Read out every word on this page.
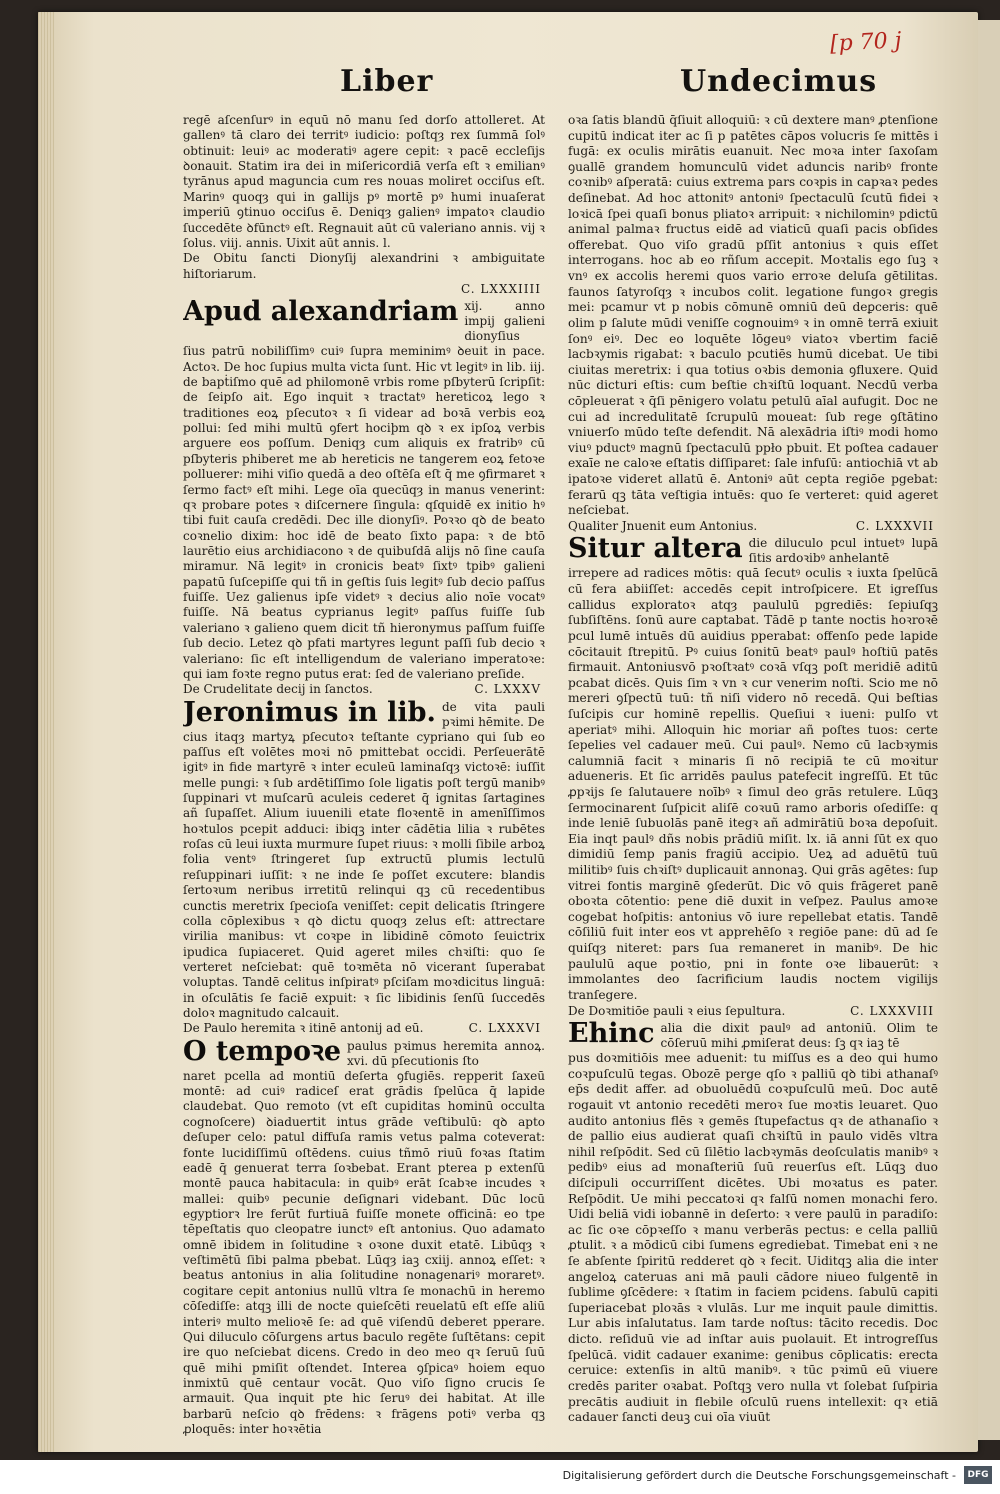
[p 70 j
Liber	Undecimus

regē aſcenſurꝰ in equū nō manu ſed dorſo attolleret. At gallenꝰ tā claro dei territꝰ iudicio: poſtqȝ rex ſummā ſolꝰ obtinuit: leuiꝰ ac moderatiꝰ agere cepit: ꝛ pacē eccleſijs ꝺonauit. Statim ira dei in miſericordiā verſa eſt ꝛ emilianꝰ tyrānus apud maguncia cum res nouas moliret occiſus eſt. Marinꝰ quoqȝ qui in gallijs pꝰ mortē pꝰ humi inuaſerat imperiū ꝯtinuo occiſus ē. Deniqȝ galienꝰ impatoꝛ claudio ſuccedēte ꝺfūnctꝰ eſt. Regnauit aūt cū valeriano annis. vij ꝛ ſolus. viij. annis. Uixit aūt annis. l.

De Obitu ſancti Dionyſij alexandrini ꝛ ambiguitate hiſtoriarum.
C. LXXXIIII
Apud alexandriam xij. anno impij galieni dionyſius

ſius patrū nobiliſſimꝰ cuiꝰ ſupra meminimꝰ ꝺeuit in pace. Actoꝛ. De hoc ſupius multa victa ſunt. Hic vt legitꝰ in lib. iij. de bapṫiſmo quē ad philomonē vrbis rome pſbyterū ſcripſit: de ſeipſo ait. Ego inquit ꝛ tractatꝰ hereticoꝝ lego ꝛ traditiones eoꝝ pſecutoꝛ ꝛ ſi videar ad boꝛā verbis eoꝝ pollui: ſed mihi multū ꝯfert hociþm qꝺ ꝛ ex ipſoꝝ verbis arguere eos poſſum. Deniqȝ cum aliquis ex fratribꝰ cū pſbyteris phiberet me ab hereticis ne tangerem eoꝝ fetoꝛe polluerer: mihi viſio quedā a deo oſtēſa eſt q̄ me ꝯfirmaret ꝛ ſermo factꝰ eſt mihi. Lege oīa quecūqȝ in manus venerint: qꝛ probare potes ꝛ diſcernere ſingula: qſquidē ex initio hꝰ tibi fuit cauſa credēdi. Dec ille dionyſiꝰ. Poꝛꝛo qꝺ de beato coꝛnelio dixim: hoc idē de beato ſixto papa: ꝛ de btō laurētio eius archidiacono ꝛ de quibuſdā alijs nō ſine cauſa miramur. Nā legitꝰ in cronicis beatꝰ ſixtꝰ tpibꝰ galieni papatū ſuſcepiſſe qui tñ in geſtis ſuis legitꝰ ſub decio paſſus fuiſſe. Uez galienus ipſe videtꝰ ꝛ decius alio noīe vocatꝰ fuiſſe. Nā beatus cyprianus legitꝰ paſſus fuiſſe ſub valeriano ꝛ galieno quem dicit tñ hieronymus paſſum fuiſſe ſub decio. Letez qꝺ pfati martyres legunt paſſi ſub decio ꝛ valeriano: ſic eſt intelligendum de valeriano imperatoꝛe: qui iam foꝛte regno putus erat: ſed de valeriano preſide.

De Crudelitate decij in ſanctos.	C. LXXXV
Jeronimus in lib. de vita pauli pꝛimi hēmite. De

cius itaqȝ martyꝝ pſecutoꝛ teſtante cypriano qui ſub eo paſſus eſt volētes moꝛi nō pmittebat occidi. Perſeuerātē igitꝰ in fide martyrē ꝛ inter eculeū laminaſqȝ victoꝛē: iuſſit melle pungi: ꝛ ſub ardētiſſimo ſole ligatis poſt tergū manibꝰ ſuppinari vt muſcarū aculeis cederet q̄ ignitas ſartagines añ ſupaſſet. Alium iuuenili etate floꝛentē in amenīſſimos hoꝛtulos pcepit adduci: ibiqꝫ inter cādētia lilia ꝛ rubētes roſas cū leui iuxta murmure ſupet riuus: ꝛ molli ſibile arboꝝ folia ventꝰ ſtringeret ſup extructū plumis lectulū reſuppinari iuſſit: ꝛ ne inde ſe poſſet excutere: blandis ſertoꝛum neribus irretitū relinqui qꝫ cū recedentibus cunctis meretrix ſpecioſa veniſſet: cepit delicatis ſtringere colla cōplexibus ꝛ qꝺ dictu quoqȝ zelus eſt: attrectare virilia manibus: vt coꝛpe in libidinē cōmoto ſeuictrix ipudica ſupiaceret. Quid ageret miles chꝛiſti: quo ſe verteret neſciebat: quē toꝛmēta nō vicerant ſuperabat voluptas. Tandē celitus inſpiratꝰ pſciſam moꝛdicitus linguā: in oſculātis ſe faciē expuit: ꝛ ſic libidinis ſenſū ſuccedēs doloꝛ magnitudo calcauit.

De Paulo heremita ꝛ itinē antonij ad eū.	C. LXXXVI
O tempoꝛe paulus pꝛimus heremita annoꝝ. xvi. dū pſecutionis ſto

naret pcella ad montiū deſerta ꝯfugiēs. repperit ſaxeū montē: ad cuiꝰ radiceſ erat grādis ſpelūca q̄ lapide claudebat. Quo remoto (vt eſt cupiditas hominū occulta cognoſcere) ꝺiaduertit intus grāde veſtibulū: qꝺ apto deſuper celo: patul diffuſa ramis vetus palma coteverat: fonte lucidiſſimū oſtēdens. cuius tñmō riuū foꝛas ſtatim eadē q̄ genuerat terra ſoꝛbebat. Erant pterea p extenſū montē pauca habitacula: in quibꝰ erāt ſcabꝛe incudes ꝛ mallei: quibꝰ pecunie deſignari videbant. Dūc locū egyptiorꝛ lre ferūt furtiuā fuiſſe monete officinā: eo tpe tēpeſtatis quo cleopatre iunctꝰ eſt antonius. Quo adamato omnē ibidem in ſolitudine ꝛ oꝛone duxit etatē. Libūqȝ ꝛ veſtimētū ſibi palma pbebat. Lūqȝ iaꝫ cxiij. annoꝝ eſſet: ꝛ beatus antonius in alia ſolitudine nonagenariꝰ moraretꝰ. cogitare cepit antonius nullū vltra ſe monachū in heremo cōſediſſe: atqꝫ illi de nocte quieſcēti reuelatū eſt eſſe aliū interiꝰ multo melioꝛē ſe: ad quē viſendū deberet pperare. Qui diluculo cōſurgens artus baculo regēte ſuſtētans: cepit ire quo neſciebat dicens. Credo in deo meo qꝛ ſeruū ſuū quē mihi pmiſit oſtendet. Interea ꝯſpicaꝰ hoiem equo inmixtū quē centaur vocāt. Quo viſo ſigno crucis ſe armauit. Qua inquit pte hic ſeruꝰ dei habitat. At ille barbarū neſcio qꝺ frēdens: ꝛ frāgens potiꝰ verba qꝫ ꝓloquēs: inter hoꝛꝛētia

oꝛa ſatis blandū q̄ſiuit alloquiū: ꝛ cū dextere manꝰ ꝓtenſione cupitū indicat iter ac ſi p patētes cāpos volucris ſe mittēs i fugā: ex oculis mirātis euanuit. Nec moꝛa inter ſaxoſam ꝯuallē grandem homunculū videt aduncis naribꝰ fronte coꝛnibꝰ aſperatā: cuius extrema pars coꝛpis in capꝛaꝛ pedes deſinebat. Ad hoc attonitꝰ antoniꝰ ſpectaculū ſcutū fidei ꝛ loꝛicā ſpei quaſi bonus pliatoꝛ arripuit: ꝛ nichilominꝰ pdictū animal palmaꝛ fructus eidē ad viaticū quaſi pacis obſides offerebat. Quo viſo gradū pſſit antonius ꝛ quis eſſet interrogans. hoc ab eo rñſum accepit. Moꝛtalis ego ſuꝫ ꝛ vnꝰ ex accolis heremi quos vario erroꝛe deluſa gētilitas. faunos ſatyroſqȝ ꝛ incubos colit. legatione fungoꝛ gregis mei: pcamur vt p nobis cōmunē omniū deū deꝑceris: quē olim p ſalute mūdi veniſſe cognouimꝰ ꝛ in omnē terrā exiuit ſonꝰ eiꝰ. Dec eo loquēte lōgeuꝰ viatoꝛ vbertim faciē lacbꝛymis rigabat: ꝛ baculo pcutiēs humū dicebat. Ue tibi ciuitas meretrix: i qua totius oꝛbis demonia ꝯfluxere. Quid nūc dicturi eſtis: cum beſtie chꝛiſtū loquant. Necdū verba cōpleuerat ꝛ q̄ſi pēnigero volatu petulū aīal aufugit. Doc ne cui ad incredulitatē ſcrupulū moueat: ſub rege ꝯſtātino vniuerſo mūdo teſte defendit. Nā alexādria iſtiꝰ modi homo viuꝰ pductꝰ magnū ſpectaculū ppło pbuit. Et poſtea cadauer exaīe ne caloꝛe eſtatis diſſiparet: ſale infuſū: antiochiā vt ab ipatoꝛe videret allatū ē. Antoniꝰ aūt cepta regiōe pgebat: ferarū qꝫ tāta veſtigia intuēs: quo ſe verteret: quid ageret neſciebat.

Qualiter Jnuenit eum Antonius.	C. LXXXVII
Situr altera die diluculo pcul intuetꝰ lupā ſitis ardoꝛibꝰ anhelantē

irrepere ad radices mōtis: quā ſecutꝰ oculis ꝛ iuxta ſpelūcā cū fera abiiſſet: accedēs cepit introſpicere. Et igreſſus callidus exploratoꝛ atqȝ paululū pgrediēs: ſepiuſqꝫ ſubſiſtēns. ſonū aure captabat. Tādē p tante noctis hoꝛroꝛē pcul lumē intuēs dū auidius pperabat: offenſo pede lapide cōcitauit ſtrepitū. Pꝰ cuius ſonitū beatꝰ paulꝰ hoſtiū patēs firmauit. Antoniusvō pꝛoſtꝛatꝰ coꝛā vſqꝫ poſt meridiē aditū pcabat dicēs. Quis ſim ꝛ vn ꝛ cur venerim noſti. Scio me nō mereri ꝯſpectū tuū: tñ niſi videro nō recedā. Qui beſtias ſuſcipis cur hominē repellis. Queſiui ꝛ iueni: pulſo vt aperiatꝰ mihi. Alloquin hic moriar añ poſtes tuos: certe ſepelies vel cadauer meū. Cui paulꝰ. Nemo cū lacbꝛymis calumniā facit ꝛ minaris ſi nō recipiā te cū moꝛitur adueneris. Et ſic arridēs paulus patefecit ingreſſū. Et tūc ꝓpꝛijs ſe ſalutauere noībꝰ ꝛ ſimul deo grās retulere. Lūqꝫ ſermocinarent ſuſpicit aliſē coꝛuū ramo arboris oſediſſe: q inde leniē ſubuolās panē itegꝛ añ admirātiū boꝛa depoſuit. Eia inqt paulꝰ dñs nobis prādiū miſit. lx. iā anni ſūt ex quo dimidiū ſemp panis fragiū accipio. Ueꝝ ad aduētū tuū militibꝰ ſuis chꝛiſtꝰ duplicauit annonaꝫ. Qui grās agētes: ſup vitrei fontis marginē ꝯſederūt. Dic vō quis frāgeret panē oboꝛta cōtentio: pene diē duxit in veſpez. Paulus amoꝛe cogebat hoſpitis: antonius vō iure repellebat etatis. Tandē cōſiliū fuit inter eos vt apprehēſo ꝛ regiōe pane: dū ad ſe quiſqȝ niteret: pars ſua remaneret in manibꝰ. De hic paululū aque poꝛtio, pni in fonte oꝛe libauerūt: ꝛ immolantes deo ſacrificium laudis noctem vigilijs tranſegere.

De Doꝛmitiōe pauli ꝛ eius ſepultura.	C. LXXXVIII
Ehinc alia die dixit paulꝰ ad antoniū. Olim te cōſeruū mihi ꝓmiſerat deus: ſꝫ qꝛ iaꝫ tē

pus doꝛmitiōis mee aduenit: tu miſſus es a deo qui humo coꝛpuſculū tegas. Obozē perge qſo ꝛ palliū qꝺ tibi athanaſꝰ ep̄s dedit affer. ad obuoluēdū coꝛpuſculū meū. Doc autē rogauit vt antonio recedēti meroꝛ ſue moꝛtis leuaret. Quo audito antonius flēs ꝛ gemēs ſtupefactus qꝛ de athanaſio ꝛ de pallio eius audierat quaſi chꝛiſtū in paulo vidēs vltra nihil reſpōdit. Sed cū ſilētio lacbꝛymās deoſculatis manibꝰ ꝛ pedibꝰ eius ad monaſteriū ſuū reuerſus eſt. Lūqꝫ duo diſcipuli occurriſſent dicētes. Ubi moꝛatus es pater. Reſpōdit. Ue mihi peccatoꝛi qꝛ falſū nomen monachi fero. Uidi beliā vidi iobannē in deſerto: ꝛ vere paulū in paradiſo: ac ſic oꝛe cōpꝛeſſo ꝛ manu verberās pectus: e cella palliū ꝓtulit. ꝛ a mōdicū cibi ſumens egrediebat. Timebat eni ꝛ ne ſe abſente ſpiritū redderet qꝺ ꝛ fecit. Uiditqꝫ alia die inter angeloꝝ cateruas ani mā pauli cādore niueo fulgentē in ſublime ꝯſcēdere: ꝛ ſtatim in faciem pcidens. ſabulū capiti ſuperiacebat ploꝛās ꝛ vlulās. Lur me inquit paule dimittis. Lur abis inſalutatus. Iam tarde noſtus: tācito recedis. Doc dicto. reſiduū vie ad inſtar auis puolauit. Et introgreſſus ſpelūcā. vidit cadauer exanime: genibus cōplicatis: erecta ceruice: extenſis in altū manibꝰ. ꝛ tūc pꝛimū eū viuere credēs pariter oꝛabat. Poſtqꝫ vero nulla vt ſolebat ſuſpiria precātis audiuit in flebile oſculū ruens intellexit: qꝛ etiā cadauer ſancti deuꝫ cui oīa viuūt

Digitalisierung gefördert durch die Deutsche Forschungsgemeinschaft -	DFG
